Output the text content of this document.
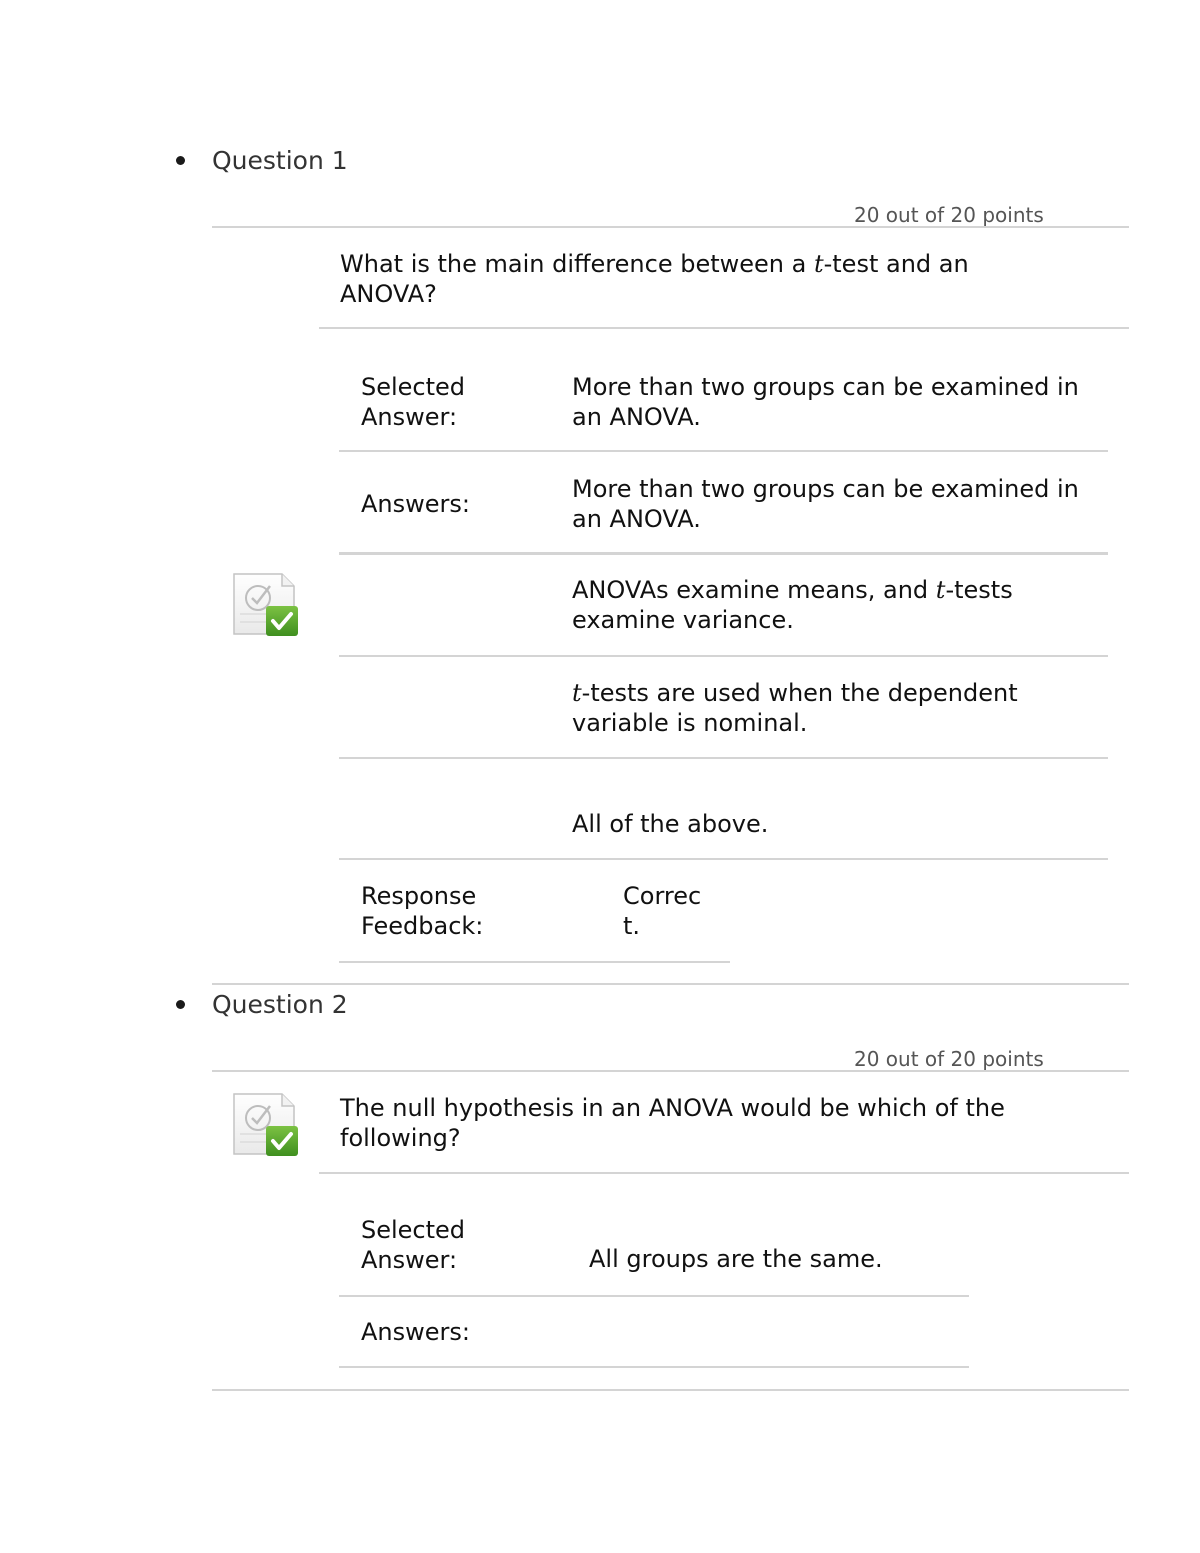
Question 1
20 out of 20 points
What is the main difference between a t-test and an ANOVA?
Selected Answer:
More than two groups can be examined in an ANOVA.
Answers:
More than two groups can be examined in an ANOVA.
ANOVAs examine means, and t-tests examine variance.
t-tests are used when the dependent variable is nominal.
All of the above.
Response Feedback:
Correc
t.
Question 2
20 out of 20 points
The null hypothesis in an ANOVA would be which of the following?
Selected Answer:	All groups are the same.
Answers:
